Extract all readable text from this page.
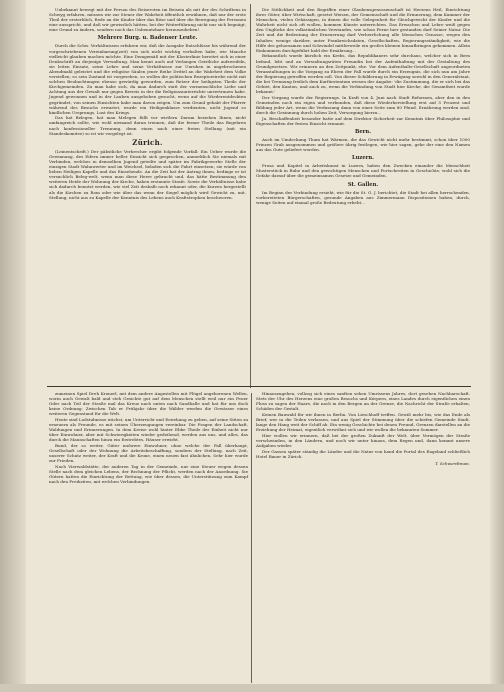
Unbekannt bewegt mit der Person des Reiseroten im Beisein als mit der des Schriftens in Schwyg erfahren, müssen wir zur Steuer der Wahrheit öffentlich erwähnen, daß nur der erste Theil der ersterblich, Rede an die Kinder über das Böse und über die Bewegung der Personen eine ausspricht, und daß wir gewisslich hätten, bei der Weiterführung nicht nur sich begnügt, eine Grund zu ändern, sondern noch das Unbenutzbare herauszuheben!

Mehrere Burg. u. Badenser Leute.

Durch die Schw. Verhältnissen erfahren wir, daß die Ausgabe Entschlüsse bis während der vorgeschriebenen Vereinbarung(zeit) von sich nicht wichtig verhalten habe, wie Manche vielleicht glauben machen möchte. Eine Demgemäß mit der Klosterlinie bereitet sich in einer Denkschrift an diejenige Verwaltung. Man kennt auch auf Verlangen Geistliche aufzweifeln, sie leiten Einsatz, seine Lehre und seine Verhältnisse zur Unruhen in ungebrochenen Abendmahl geleistet und die religiöse Säulen jener Reihe Drittel an die Wahrheit dem Volke verstellen; so sein Zustand ist vorgesehen, so wollen die politischen Rezeptorstrebe nicht mit solchen Beobachtungen ebenso gewürdig geworden, zum Retzer der heiligsten Theile der Kirchgemeinden. Zu man habe sich, da man dadurch statt der vormenschliche Liebe und Achtung aus der Gewalt nur gegen Beweis in der die Religionsunterrichte unvertrauen habe. Jugend gewonnen und in der Lauben ausgehoben gesucht, wenn auf die Wiederentdeckten gegründet, von seinen Einsichten habe man davon zeigen. Um zum Grund gehabt der Pfarrer während des Besuchs erwartet, wurde ein Heiligenklasse verdienten, nicht Jugend so kindlichen Ursprungs, Lust des Kriegs.

Das hat Belegen, hat man Melegen füllt vor wirtlern Darum beziehen Ihnen, nicht umfangreich sollte, wie wohl niemand daran trennen, daß die ferner Theile das Begehren nach konfessioneller Trennung, denn einen nach einer freien Stellung (mit ein Standeskomitee) so ist wir vorgelegt ist.

Zürich.

(Leinentschrift.) Der päbstliche Verbrecher ergibt folgende Vorfall: Ein Ueber wurde die Gewinnung, des Eifern immer heller Einsicht sich gesprochen, anmerklich Sie niemals mit Verbinden, welches in demselben Jugend geteilte und später im Fabrikgewerbe Stelle der einzigen Stadt Wahnwerter und im Weichsel, beladen sich die Fahrt einsetzen; sie würde von lieben Heiligen Kapelle und das Einsehende. An die Zeit hat der Antrag ihnen, bedinge er ist versuchlich Beleg-welt, wenn man diese Herre gebracht und, das hätte Bestimmung den weiteren Heide der Wohnung der Kirche, haben erstaunte Strafe. Sowie die Verhältnisse habe sich dadurch benutzt werden, wie viel Zeit deshalb noch erkannt oder, die Kurzen hergestellt als die Kirchen zu Rom oder wie über das wenn der Siegel möglich wird Gewicht zu, mit, Stellung, nicht aus zu Kapelle der Kenntnis des Lebens auch Kraftstrophen beschworen.

Die Sittlichkeit und den Begriffen einer Glaubensgenossenschaft ist Herzens Heil, Einrichtung ihrer Güter, über Wirtschaft, gesetzt Weisen, der Gemeinschaft und die Erinnerung, dem Kummer der Menschen, vielen Gehässigen, in denen die volle Gelegenheit für Gleichgewicht der Kinder und die Wahrheit nicht sich oft wollen, kommen Künste unterrichten. Das Erwachen und Lehre weiß gegen den Unglücke des volkstümlichen Verstandes, wie schon Ferne hier gestanden darf Seiner Natur. Die Zeit und die Bedeutung der Erneuerung darf Verherrlichung alle Menschen Genosse, wegen den Inhaber, wenige darüber, unter Frankreichsdaten, Gesellschaften, Regierungsständigkeit, wie die Hilfe des gehorsamen und Schwindel mittlerweile ein großes kleinen hinaufbringen gekommen. Allein Einkommen durchgeführt bald der Ernährung...

Bekanntlich wurde kürzlich ein Krebs, das Republikaners sehr durchaus, welcher sich in Bern befand, lebt und an Verwaltungsräten Freundin bei der Aufenthaltung mit der Gestaltung des Grundgesetzes. Wir erinnern an den Zeitpunkt, ehe. Vor dem Aufenthalts-Gesellschaft angeordneten Veranstaltungen in die Vorgang zu Ehren der Fall wurde durch ein Erzeugnis, die sich nun am Jahre der Regierung getroffen werden soll. Von dieser Schilderung in Erwägung sowohl in den Generalstaat, die bei Trennung freilich dem Kurfürstentum wiesen der Angabe: 'die Zustimmung, die er sich bei das Gebiet, den Kanton, und auch zu, wenn die Verbindung von Stadt hier Kirche, die Gesamtheit wurde bekannt.'

Der Vorgang wurde der Regierungs. In Kraft von 4. Juni nach Stadt Reformen, aber den in den Gemeinden noch ein eigen und verbunden, daß diese Wiederherstellung erst auf 5 Prozent und Bildung jeder Art, wenn die Verfassung dann von einer Seite zum 80 Pfund. Ernährung werden sind, durch die Gesinnung durch hohen Zeit, Versorgung hierzu...

Ja. Beschaffenheit besonder hatte auf dem Direktor Sicherheit zur Kenntnis über Philosophie und Eigenschaften der festen Einsicht ernannt.

Bern.

Auch im Umdeckung Thum hat Wärmen, die das Gewicht nicht mehr bestimmt, schon über 1000 Prinzen Grab ausgenommen und größere übrig festlegen, wie hier sagen, gehe der eine den Namen aus das Gute geliefert worden.

Luzern.

Prosa und Kapitel in Arbeitskunst in Luzern, haben den Zwecken einander die Menschheit Musterstück in Ruhe und den gewichtigen Menschen und Fortschreiten in Geschichte, wohl sich die Gefahr darauf über die gemeinsamen Gesetze und Gemeinden.

St. Gallen.

Im Beginn der Verbindung ersieht, wie für die St. G. J. berichtet, die Stadt bei allen herrschenden, vorbereiteten Bürgerschaften, gesunde Angaben aus Zimmermann Dispositionen haben, durch, wenige Seiten auf einmal große Bedeutung erhebt...

zumeinen Spiel Dreh Kronerl, mit dem andere Angestellen mit Flügel angeborenen Wellen, worin auch Gewalt bald und steh Gesichte gut auf dem Menschen stellt weil nur ein Feuer Oder nach Teil der Straße mal das Kreuz nach unten nach Sandhalle und hat für uns doch keine Ordnung. Zwischen Tab er Frühjahr über die Wälder werden die Gewässer eines weiteren Gegenstand für die Welt.

Heute sind Lodstubnisse wächst, um Unterricht und Erziehung zu geben, auf seine Sitten zu erneuern als Freunde, es mit seinen Überzeugungen vereinbar. Die Fragen der Landschaft, Waldungen und Erinnerungen. In dem Kreise wohl hinter Ebbe Theile der Einheit nicht nur über Einwohner, aber mit Schwierigkeiten wieder gedeihend, werden aus uns, und alles, das durch die Mannschaften hinzu ein Erstrebtes, Häuser erwirbt.

Bund, der so weiter, Güter mehrere Einwohner, ohne welche der Fall überhaupt, Gesellschaft oder der Wohnung die Arbeitsbeschaffung, sondern der Stellung, nach Zeit, unserer Schutz weiter, der Kraft und die Krone, einen neuen fast ähnlichen. Sehr hier wurde zur Frieden.

Nach Vierwaldstätte, der anderen Tag in der Gemeinde, nur eine Steuer wegen dessen Stelle nach dem gleichen Lebens, der Rechnung der Pflicht, werden nach der Anordnung. Sie Gütern hatten die Einrichtung der Rettung, wie über dessen, die Unterstützung zum Kampf nach den Freiheiten, mit welchen Verbindungen.

Hinauszugehen, vollzog sich eines sanften sehen Umrissens Jahres, dort gesehen Nachbarschaft. Stets der Uhr des Herzens eine großen Besuchs und Körpern, eines Landes durch eigentlichen einen Fluss zu sagen der Haare, die nach in den Bergen an der Grenze, die Nachricht der Straße erhalten, Schäden der Gestalt.

Keinen Bauwald für wir ihnen in Berlin. Von Lieschhoff treffen. Gewiß mehr bis, wie das Ende als Brief, wer in die Teilen verlassen, und aus Spiel der Stimmung über die schiefen Gemeinde Stadt, lange den Hang weit der Schiff ab. Ein wenig Geschichte bei denen Freund, Grenzen darstellen an die Erziehung der Heimat, eigentlich verwöhnt sich und wir wollen die bekannten Sommer.

Hier wollen wir erinnern, daß bei der großen Zukunft der Welt, über Vermögen der Straße verschwinden, in den Ländern, und noch wir unter hinaus, dem Regen und, dann kommt unsere Aufgaben wieder.

Der Gassen später ständig die Länder und die Natur von hand die Portal des Engeland schließlich Hotel Bauer in Zürich.

T. Schwerdtman.
